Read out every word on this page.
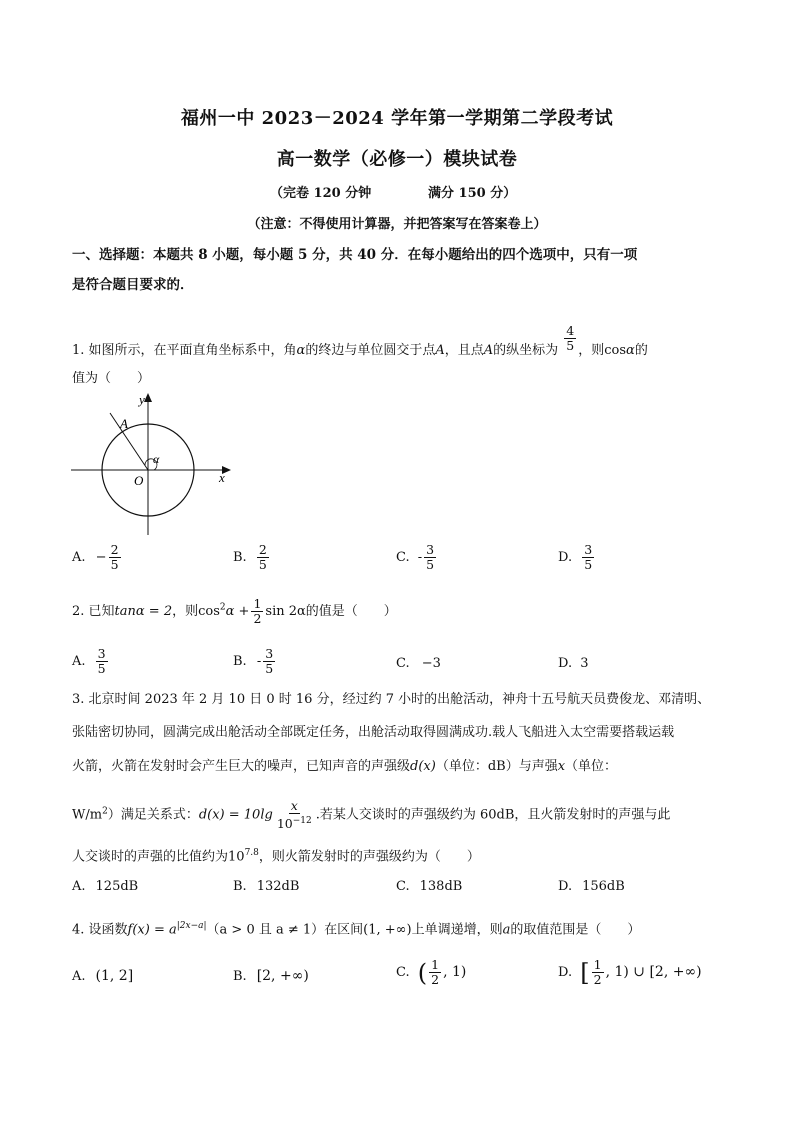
福州一中 2023－2024 学年第一学期第二学段考试
高一数学（必修一）模块试卷
（完卷 120 分钟	满分 150 分）
（注意：不得使用计算器，并把答案写在答案卷上）
一、选择题：本题共 8 小题，每小题 5 分，共 40 分．在每小题给出的四个选项中，只有一项
是符合题目要求的．
1. 如图所示，在平面直角坐标系中，角α的终边与单位圆交于点A，且点A的纵坐标为 $\frac{4}{5}$ ，则cosα的
值为（　　）
y
x
O
A
α
A. − $\frac{2}{5}$	B. $\frac{2}{5}$	C. - $\frac{3}{5}$	D. $\frac{3}{5}$
2. 已知tanα = 2，则$\cos^2\alpha + \frac{1}{2}$ sin 2α的值是（　　）
A. $\frac{3}{5}$	B. - $\frac{3}{5}$	C. −3	D. 3
3. 北京时间 2023 年 2 月 10 日 0 时 16 分，经过约 7 小时的出舱活动，神舟十五号航天员费俊龙、邓清明、
张陆密切协同，圆满完成出舱活动全部既定任务，出舱活动取得圆满成功.载人飞船进入太空需要搭载运载
火箭，火箭在发射时会产生巨大的噪声，已知声音的声强级d(x)（单位：dB）与声强x（单位：
$W/m^2$）满足关系式：$d(x) = 10\lg \frac{x}{10^{-12}}$ .若某人交谈时的声强级约为 60dB，且火箭发射时的声强与此
人交谈时的声强的比值约为$10^{7.8}$，则火箭发射时的声强级约为（　　）
A. 125dB	B. 132dB	C. 138dB	D. 156dB
4. 设函数$f(x) = a^{|2x-a|}(a > 0$ 且 a ≠ 1）在区间(1, +∞)上单调递增，则a的取值范围是（　　）
A. (1, 2]	B. [2, +∞)	C. ( $\frac{1}{2}$ , 1)	D. [ $\frac{1}{2}$ , 1) ∪ [2, +∞)
